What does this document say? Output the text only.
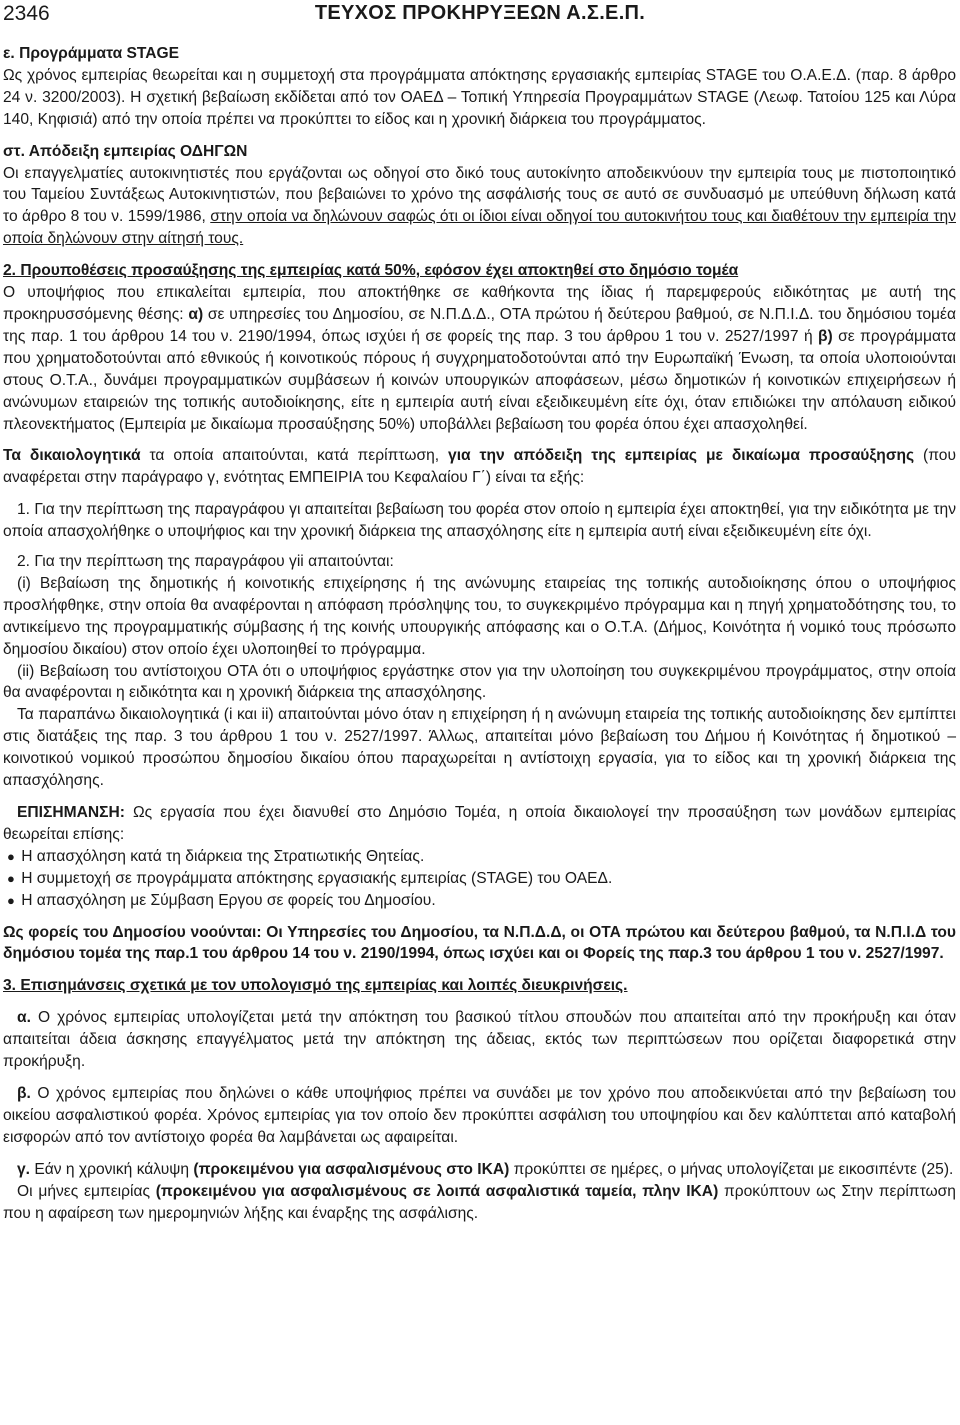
2346	ΤΕΥΧΟΣ ΠΡΟΚΗΡΥΞΕΩΝ Α.Σ.Ε.Π.

ε. Προγράμματα STAGE

Ως χρόνος εμπειρίας θεωρείται και η συμμετοχή στα προγράμματα απόκτησης εργασιακής εμπειρίας STAGE του Ο.Α.Ε.Δ. (παρ. 8 άρθρο 24 ν. 3200/2003). Η σχετική βεβαίωση εκδίδεται από τον ΟΑΕΔ – Τοπική Υπηρεσία Προγραμμάτων STAGE (Λεωφ. Τατοίου 125 και Λύρα 140, Κηφισιά) από την οποία πρέπει να προκύπτει το είδος και η χρονική διάρκεια του προγράμματος.

στ. Απόδειξη εμπειρίας ΟΔΗΓΩΝ

Οι επαγγελματίες αυτοκινητιστές που εργάζονται ως οδηγοί στο δικό τους αυτοκίνητο αποδεικνύουν την εμπειρία τους με πιστοποιητικό του Ταμείου Συντάξεως Αυτοκινητιστών, που βεβαιώνει το χρόνο της ασφάλισής τους σε αυτό σε συνδυασμό με υπεύθυνη δήλωση κατά το άρθρο 8 του ν. 1599/1986, στην οποία να δηλώνουν σαφώς ότι οι ίδιοι είναι οδηγοί του αυτοκινήτου τους και διαθέτουν την εμπειρία την οποία δηλώνουν στην αίτησή τους.

2. Προυποθέσεις προσαύξησης της εμπειρίας κατά 50%, εφόσον έχει αποκτηθεί στο δημόσιο τομέα

Ο υποψήφιος που επικαλείται εμπειρία, που αποκτήθηκε σε καθήκοντα της ίδιας ή παρεμφερούς ειδικότητας με αυτή της προκηρυσσόμενης θέσης: α) σε υπηρεσίες του Δημοσίου, σε Ν.Π.Δ.Δ., ΟΤΑ πρώτου ή δεύτερου βαθμού, σε Ν.Π.Ι.Δ. του δημόσιου τομέα της παρ. 1 του άρθρου 14 του ν. 2190/1994, όπως ισχύει ή σε φορείς της παρ. 3 του άρθρου 1 του ν. 2527/1997 ή β) σε προγράμματα που χρηματοδοτούνται από εθνικούς ή κοινοτικούς πόρους ή συγχρηματοδοτούνται από την Ευρωπαϊκή Ένωση, τα οποία υλοποιούνται στους Ο.Τ.Α., δυνάμει προγραμματικών συμβάσεων ή κοινών υπουργικών αποφάσεων, μέσω δημοτικών ή κοινοτικών επιχειρήσεων ή ανώνυμων εταιρειών της τοπικής αυτοδιοίκησης, είτε η εμπειρία αυτή είναι εξειδικευμένη είτε όχι, όταν επιδιώκει την απόλαυση ειδικού πλεονεκτήματος (Εμπειρία με δικαίωμα προσαύξησης 50%) υποβάλλει βεβαίωση του φορέα όπου έχει απασχοληθεί.

Τα δικαιολογητικά τα οποία απαιτούνται, κατά περίπτωση, για την απόδειξη της εμπειρίας με δικαίωμα προσαύξησης (που αναφέρεται στην παράγραφο γ, ενότητας ΕΜΠΕΙΡΙΑ του Κεφαλαίου Γ΄) είναι τα εξής:

1. Για την περίπτωση της παραγράφου γι απαιτείται βεβαίωση του φορέα στον οποίο η εμπειρία έχει αποκτηθεί, για την ειδικότητα με την οποία απασχολήθηκε ο υποψήφιος και την χρονική διάρκεια της απασχόλησης είτε η εμπειρία αυτή είναι εξειδικευμένη είτε όχι.

2. Για την περίπτωση της παραγράφου γii απαιτούνται:

(i) Βεβαίωση της δημοτικής ή κοινοτικής επιχείρησης ή της ανώνυμης εταιρείας της τοπικής αυτοδιοίκησης όπου ο υποψήφιος προσλήφθηκε, στην οποία θα αναφέρονται η απόφαση πρόσληψης του, το συγκεκριμένο πρόγραμμα και η πηγή χρηματοδότησης του, το αντικείμενο της προγραμματικής σύμβασης ή της κοινής υπουργικής απόφασης και ο Ο.Τ.Α. (Δήμος, Κοινότητα ή νομικό τους πρόσωπο δημοσίου δικαίου) στον οποίο έχει υλοποιηθεί το πρόγραμμα.

(ii) Βεβαίωση του αντίστοιχου ΟΤΑ ότι ο υποψήφιος εργάστηκε στον για την υλοποίηση του συγκεκριμένου προγράμματος, στην οποία θα αναφέρονται η ειδικότητα και η χρονική διάρκεια της απασχόλησης.

Τα παραπάνω δικαιολογητικά (i και ii) απαιτούνται μόνο όταν η επιχείρηση ή η ανώνυμη εταιρεία της τοπικής αυτοδιοίκησης δεν εμπίπτει στις διατάξεις της παρ. 3 του άρθρου 1 του ν. 2527/1997. Άλλως, απαιτείται μόνο βεβαίωση του Δήμου ή Κοινότητας ή δημοτικού – κοινοτικού νομικού προσώπου δημοσίου δικαίου όπου παραχωρείται η αντίστοιχη εργασία, για το είδος και τη χρονική διάρκεια της απασχόλησης.

ΕΠΙΣΗΜΑΝΣΗ: Ως εργασία που έχει διανυθεί στο Δημόσιο Τομέα, η οποία δικαιολογεί την προσαύξηση των μονάδων εμπειρίας θεωρείται επίσης:

● Η απασχόληση κατά τη διάρκεια της Στρατιωτικής Θητείας.

● Η συμμετοχή σε προγράμματα απόκτησης εργασιακής εμπειρίας (STAGE) του ΟΑΕΔ.

● Η απασχόληση με Σύμβαση Εργου σε φορείς του Δημοσίου.

Ως φορείς του Δημοσίου νοούνται: Οι Υπηρεσίες του Δημοσίου, τα Ν.Π.Δ.Δ, οι ΟΤΑ πρώτου και δεύτερου βαθμού, τα Ν.Π.Ι.Δ του δημόσιου τομέα της παρ.1 του άρθρου 14 του ν. 2190/1994, όπως ισχύει και οι Φορείς της παρ.3 του άρθρου 1 του ν. 2527/1997.

3. Επισημάνσεις σχετικά με τον υπολογισμό της εμπειρίας και λοιπές διευκρινήσεις.

α. Ο χρόνος εμπειρίας υπολογίζεται μετά την απόκτηση του βασικού τίτλου σπουδών που απαιτείται από την προκήρυξη και όταν απαιτείται άδεια άσκησης επαγγέλματος μετά την απόκτηση της άδειας, εκτός των περιπτώσεων που ορίζεται διαφορετικά στην προκήρυξη.

β. Ο χρόνος εμπειρίας που δηλώνει ο κάθε υποψήφιος πρέπει να συνάδει με τον χρόνο που αποδεικνύεται από την βεβαίωση του οικείου ασφαλιστικού φορέα. Χρόνος εμπειρίας για τον οποίο δεν προκύπτει ασφάλιση του υποψηφίου και δεν καλύπτεται από καταβολή εισφορών από τον αντίστοιχο φορέα θα λαμβάνεται ως αφαιρείται.

γ. Εάν η χρονική κάλυψη (προκειμένου για ασφαλισμένους στο ΙΚΑ) προκύπτει σε ημέρες, ο μήνας υπολογίζεται με εικοσιπέντε (25).

Οι μήνες εμπειρίας (προκειμένου για ασφαλισμένους σε λοιπά ασφαλιστικά ταμεία, πλην ΙΚΑ) προκύπτουν ως Στην περίπτωση που η αφαίρεση των ημερομηνιών λήξης και έναρξης της ασφάλισης.
